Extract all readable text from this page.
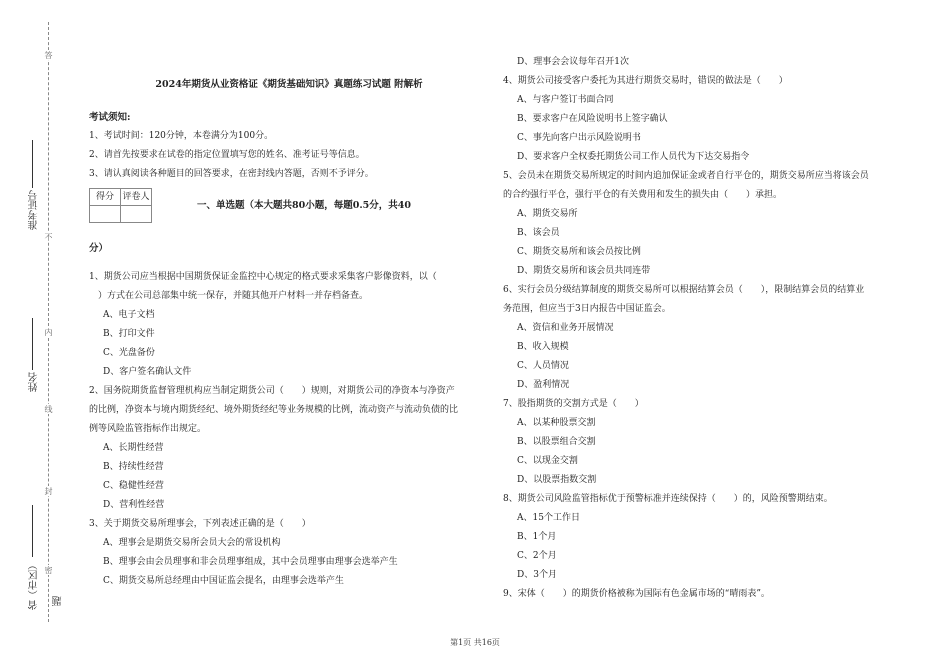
答
准考证号
不
内
姓名
线
封
密
省（市区） 题
2024年期货从业资格证《期货基础知识》真题练习试题 附解析
考试须知:

1、考试时间：120分钟，本卷满分为100分。

2、请首先按要求在试卷的指定位置填写您的姓名、准考证号等信息。

3、请认真阅读各种题目的回答要求，在密封线内答题，否则不予评分。

得分	评卷人

一、单选题（本大题共80小题，每题0.5分，共40
分）

1、期货公司应当根据中国期货保证金监控中心规定的格式要求采集客户影像资料，以（

　）方式在公司总部集中统一保存，并随其他开户材料一并存档备查。

A、电子文档

B、打印文件

C、光盘备份

D、客户签名确认文件

2、国务院期货监督管理机构应当制定期货公司（　　）规则，对期货公司的净资本与净资产

的比例，净资本与境内期货经纪、境外期货经纪等业务规模的比例，流动资产与流动负债的比

例等风险监管指标作出规定。

A、长期性经营

B、持续性经营

C、稳健性经营

D、营利性经营

3、关于期货交易所理事会，下列表述正确的是（　　）

A、理事会是期货交易所会员大会的常设机构

B、理事会由会员理事和非会员理事组成，其中会员理事由理事会选举产生

C、期货交易所总经理由中国证监会提名，由理事会选举产生

D、理事会会议每年召开1次

4、期货公司接受客户委托为其进行期货交易时，错误的做法是（　　）

A、与客户签订书面合同

B、要求客户在风险说明书上签字确认

C、事先向客户出示风险说明书

D、要求客户全权委托期货公司工作人员代为下达交易指令

5、会员未在期货交易所规定的时间内追加保证金或者自行平仓的，期货交易所应当将该会员

的合约强行平仓，强行平仓的有关费用和发生的损失由（　　）承担。

A、期货交易所

B、该会员

C、期货交易所和该会员按比例

D、期货交易所和该会员共同连带

6、实行会员分级结算制度的期货交易所可以根据结算会员（　　），限制结算会员的结算业

务范围，但应当于3日内报告中国证监会。

A、资信和业务开展情况

B、收入规模

C、人员情况

D、盈利情况

7、股指期货的交割方式是（　　）

A、以某种股票交割

B、以股票组合交割

C、以现金交割

D、以股票指数交割

8、期货公司风险监管指标优于预警标准并连续保持（　　）的，风险预警期结束。

A、15个工作日

B、1个月

C、2个月

D、3个月

9、宋体（　　）的期货价格被称为国际有色金属市场的“晴雨表”。

第1页 共16页
